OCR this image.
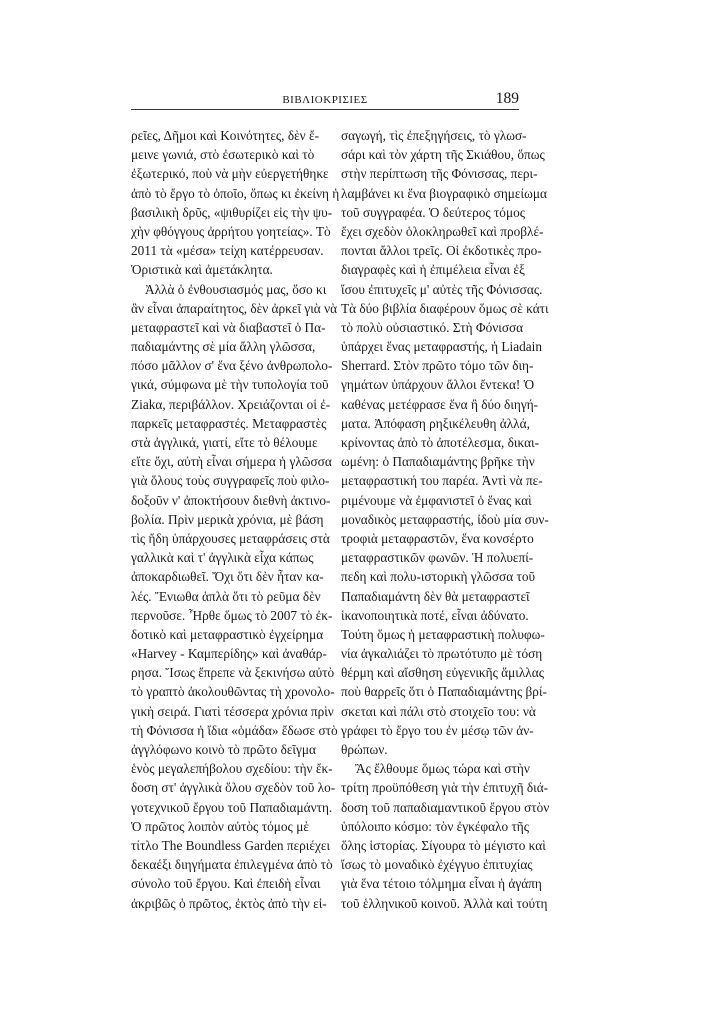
ΒΙΒΛΙΟΚΡΙΣΙΕΣ	189
ρεῖες, Δῆμοι καὶ Κοινότητες, δὲν ἔ-
μεινε γωνιά, στὸ ἐσωτερικὸ καὶ τὸ
ἐξωτερικό, ποὺ νὰ μὴν εὐεργετήθηκε
ἀπὸ τὸ ἔργο τὸ ὁποῖο, ὅπως κι ἐκείνη ἡ
βασιλικὴ δρῦς, «ψιθυρίζει εἰς τὴν ψυ-
χὴν φθόγγους ἀρρήτου γοητείας». Τὸ
2011 τὰ «μέσα» τείχη κατέρρευσαν.
Ὁριστικὰ καὶ ἀμετάκλητα.
Ἀλλὰ ὁ ἐνθουσιασμός μας, ὅσο κι
ἂν εἶναι ἀπαραίτητος, δὲν ἀρκεῖ γιὰ νὰ
μεταφραστεῖ καὶ νὰ διαβαστεῖ ὁ Πα-
παδιαμάντης σὲ μία ἄλλη γλῶσσα,
πόσο μᾶλλον σ' ἕνα ξένο ἀνθρωπολο-
γικά, σύμφωνα μὲ τὴν τυπολογία τοῦ
Ziakα, περιβάλλον. Χρειάζονται οἱ ἐ-
παρκεῖς μεταφραστές. Μεταφραστὲς
στὰ ἀγγλικά, γιατί, εἴτε τὸ θέλουμε
εἴτε ὄχι, αὐτὴ εἶναι σήμερα ἡ γλῶσσα
γιὰ ὅλους τοὺς συγγραφεῖς ποὺ φιλο-
δοξοῦν ν' ἀποκτήσουν διεθνὴ ἀκτινο-
βολία. Πρὶν μερικὰ χρόνια, μὲ βάση
τὶς ἤδη ὑπάρχουσες μεταφράσεις στὰ
γαλλικὰ καὶ τ' ἀγγλικὰ εἶχα κάπως
ἀποκαρδιωθεῖ. Ὄχι ὅτι δὲν ἦταν κα-
λές. Ἔνιωθα ἁπλὰ ὅτι τὸ ρεῦμα δὲν
περνοῦσε. Ἦρθε ὅμως τὸ 2007 τὸ ἐκ-
δοτικὸ καὶ μεταφραστικὸ ἐγχείρημα
«Harvey - Καμπερίδης» καὶ ἀναθάρ-
ρησα. Ἴσως ἔπρεπε νὰ ξεκινήσω αὐτὸ
τὸ γραπτὸ ἀκολουθῶντας τὴ χρονολο-
γικὴ σειρά. Γιατὶ τέσσερα χρόνια πρὶν
τὴ Φόνισσα ἡ ἴδια «ὁμάδα» ἔδωσε στὸ
ἀγγλόφωνο κοινὸ τὸ πρῶτο δεῖγμα
ἑνὸς μεγαλεπήβολου σχεδίου: τὴν ἔκ-
δοση στ' ἀγγλικὰ ὅλου σχεδὸν τοῦ λο-
γοτεχνικοῦ ἔργου τοῦ Παπαδιαμάντη.
Ὁ πρῶτος λοιπὸν αὐτὸς τόμος μὲ
τίτλο The Boundless Garden περιέχει
δεκαέξι διηγήματα ἐπιλεγμένα ἀπὸ τὸ
σύνολο τοῦ ἔργου. Καὶ ἐπειδὴ εἶναι
ἀκριβῶς ὁ πρῶτος, ἐκτὸς ἀπὸ τὴν εἰ-
σαγωγή, τὶς ἐπεξηγήσεις, τὸ γλωσ-
σάρι καὶ τὸν χάρτη τῆς Σκιάθου, ὅπως
στὴν περίπτωση τῆς Φόνισσας, περι-
λαμβάνει κι ἕνα βιογραφικὸ σημείωμα
τοῦ συγγραφέα. Ὁ δεύτερος τόμος
ἔχει σχεδὸν ὁλοκληρωθεῖ καὶ προβλέ-
πονται ἄλλοι τρεῖς. Οἱ ἐκδοτικὲς προ-
διαγραφὲς καὶ ἡ ἐπιμέλεια εἶναι ἐξ
ἴσου ἐπιτυχεῖς μ' αὐτὲς τῆς Φόνισσας.
Τὰ δύο βιβλία διαφέρουν ὅμως σὲ κάτι
τὸ πολὺ οὐσιαστικό. Στὴ Φόνισσα
ὑπάρχει ἕνας μεταφραστής, ἡ Liadain
Sherrard. Στὸν πρῶτο τόμο τῶν διη-
γημάτων ὑπάρχουν ἄλλοι ἔντεκα! Ὁ
καθένας μετέφρασε ἕνα ἢ δύο διηγή-
ματα. Ἀπόφαση ρηξικέλευθη ἀλλά,
κρίνοντας ἀπὸ τὸ ἀποτέλεσμα, δικαι-
ωμένη: ὁ Παπαδιαμάντης βρῆκε τὴν
μεταφραστική του παρέα. Ἀντὶ νὰ πε-
ριμένουμε νὰ ἐμφανιστεῖ ὁ ἕνας καὶ
μοναδικὸς μεταφραστής, ἰδοὺ μία συν-
τροφιὰ μεταφραστῶν, ἕνα κονσέρτο
μεταφραστικῶν φωνῶν. Ἡ πολυεπί-
πεδη καὶ πολυ-ιστορικὴ γλῶσσα τοῦ
Παπαδιαμάντη δὲν θὰ μεταφραστεῖ
ἱκανοποιητικὰ ποτέ, εἶναι ἀδύνατο.
Τούτη ὅμως ἡ μεταφραστικὴ πολυφω-
νία ἀγκαλιάζει τὸ πρωτότυπο μὲ τόση
θέρμη καὶ αἴσθηση εὐγενικῆς ἅμιλλας
ποὺ θαρρεῖς ὅτι ὁ Παπαδιαμάντης βρί-
σκεται καὶ πάλι στὸ στοιχεῖο του: νὰ
γράφει τὸ ἔργο του ἐν μέσῳ τῶν ἀν-
θρώπων.
Ἂς ἔλθουμε ὅμως τώρα καὶ στὴν
τρίτη προϋπόθεση γιὰ τὴν ἐπιτυχῆ διά-
δοση τοῦ παπαδιαμαντικοῦ ἔργου στὸν
ὑπόλοιπο κόσμο: τὸν ἐγκέφαλο τῆς
ὅλης ἱστορίας. Σίγουρα τὸ μέγιστο καὶ
ἴσως τὸ μοναδικὸ ἐχέγγυο ἐπιτυχίας
γιὰ ἕνα τέτοιο τόλμημα εἶναι ἡ ἀγάπη
τοῦ ἑλληνικοῦ κοινοῦ. Ἀλλὰ καὶ τούτη
